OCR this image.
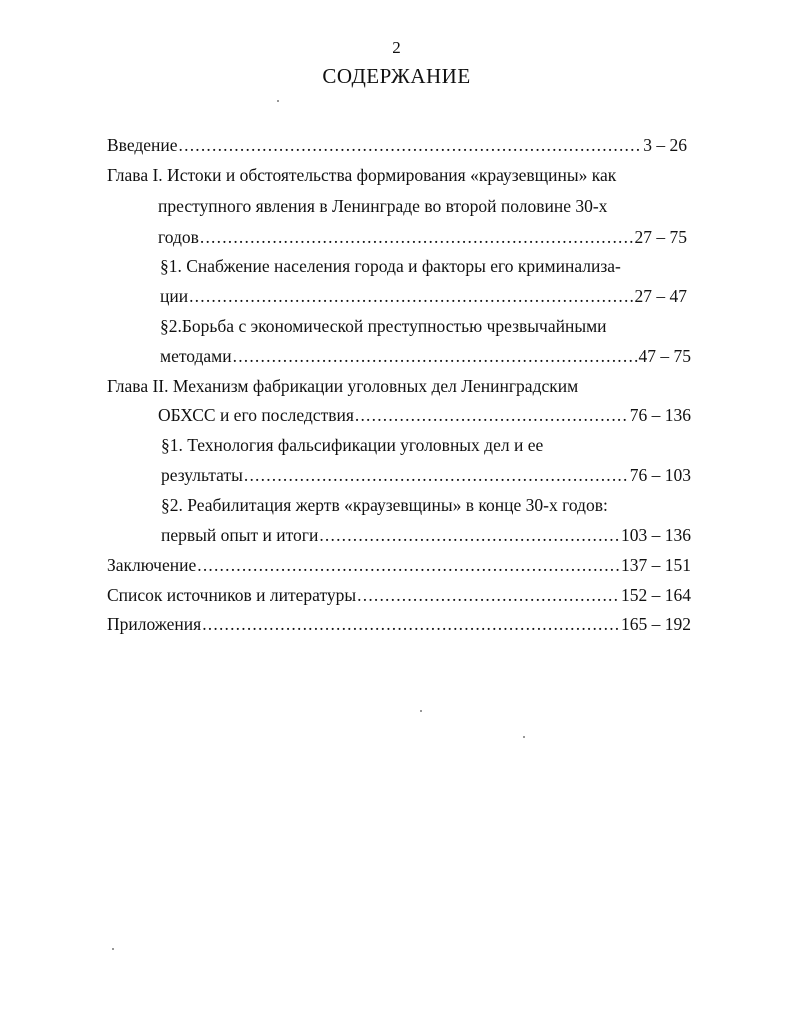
2
СОДЕРЖАНИЕ
Введение .....	3 – 26
Глава I. Истоки и обстоятельства формирования «краузевщины» как
преступного явления в Ленинграде во второй половине 30-х
годов .....	27 – 75
§1. Снабжение населения города и факторы его криминализа-
ции .....	27 – 47
§2.Борьба с экономической преступностью чрезвычайными
методами .....	47 – 75
Глава II. Механизм фабрикации уголовных дел Ленинградским
ОБХСС и его последствия .....	76 – 136
§1. Технология фальсификации уголовных дел и ее
результаты .....	76 – 103
§2. Реабилитация жертв «краузевщины» в конце 30-х годов:
первый опыт и итоги .....	103 – 136
Заключение .....	137 – 151
Список источников и литературы .....	152 – 164
Приложения .....	165 – 192
